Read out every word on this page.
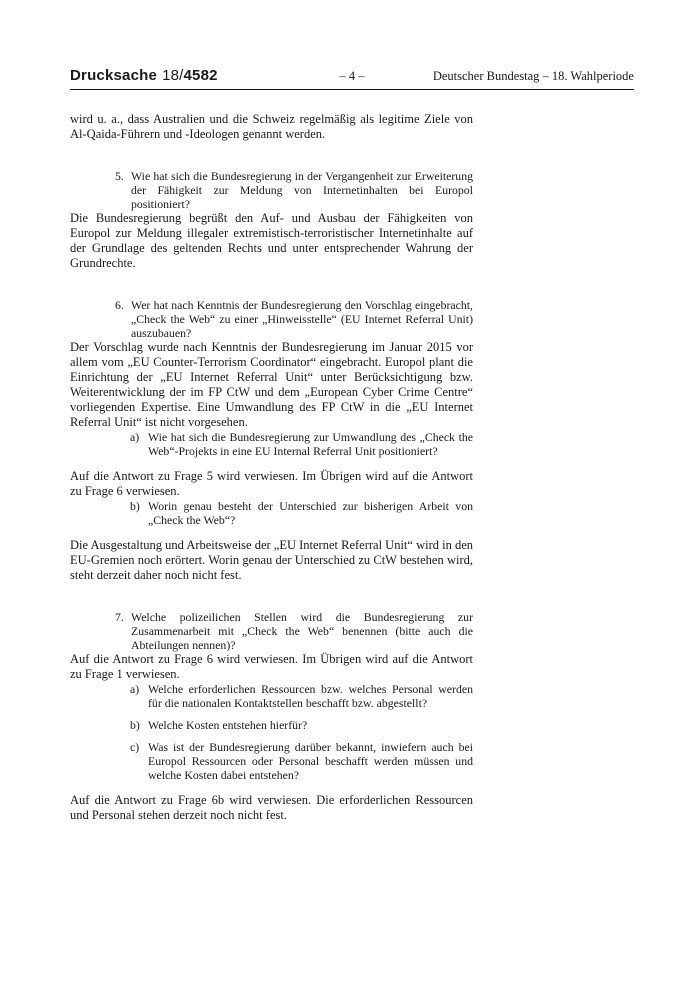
Drucksache 18/4582	– 4 –	Deutscher Bundestag – 18. Wahlperiode
wird u. a., dass Australien und die Schweiz regelmäßig als legitime Ziele von Al-Qaida-Führern und -Ideologen genannt werden.
5. Wie hat sich die Bundesregierung in der Vergangenheit zur Erweiterung der Fähigkeit zur Meldung von Internetinhalten bei Europol positioniert?
Die Bundesregierung begrüßt den Auf- und Ausbau der Fähigkeiten von Europol zur Meldung illegaler extremistisch-terroristischer Internetinhalte auf der Grundlage des geltenden Rechts und unter entsprechender Wahrung der Grundrechte.
6. Wer hat nach Kenntnis der Bundesregierung den Vorschlag eingebracht, „Check the Web“ zu einer „Hinweisstelle“ (EU Internet Referral Unit) auszubauen?
Der Vorschlag wurde nach Kenntnis der Bundesregierung im Januar 2015 vor allem vom „EU Counter-Terrorism Coordinator“ eingebracht. Europol plant die Einrichtung der „EU Internet Referral Unit“ unter Berücksichtigung bzw. Weiterentwicklung der im FP CtW und dem „European Cyber Crime Centre“ vorliegenden Expertise. Eine Umwandlung des FP CtW in die „EU Internet Referral Unit“ ist nicht vorgesehen.
a) Wie hat sich die Bundesregierung zur Umwandlung des „Check the Web“-Projekts in eine EU Internal Referral Unit positioniert?
Auf die Antwort zu Frage 5 wird verwiesen. Im Übrigen wird auf die Antwort zu Frage 6 verwiesen.
b) Worin genau besteht der Unterschied zur bisherigen Arbeit von „Check the Web“?
Die Ausgestaltung und Arbeitsweise der „EU Internet Referral Unit“ wird in den EU-Gremien noch erörtert. Worin genau der Unterschied zu CtW bestehen wird, steht derzeit daher noch nicht fest.
7. Welche polizeilichen Stellen wird die Bundesregierung zur Zusammenarbeit mit „Check the Web“ benennen (bitte auch die Abteilungen nennen)?
Auf die Antwort zu Frage 6 wird verwiesen. Im Übrigen wird auf die Antwort zu Frage 1 verwiesen.
a) Welche erforderlichen Ressourcen bzw. welches Personal werden für die nationalen Kontaktstellen beschafft bzw. abgestellt?
b) Welche Kosten entstehen hierfür?
c) Was ist der Bundesregierung darüber bekannt, inwiefern auch bei Europol Ressourcen oder Personal beschafft werden müssen und welche Kosten dabei entstehen?
Auf die Antwort zu Frage 6b wird verwiesen. Die erforderlichen Ressourcen und Personal stehen derzeit noch nicht fest.
